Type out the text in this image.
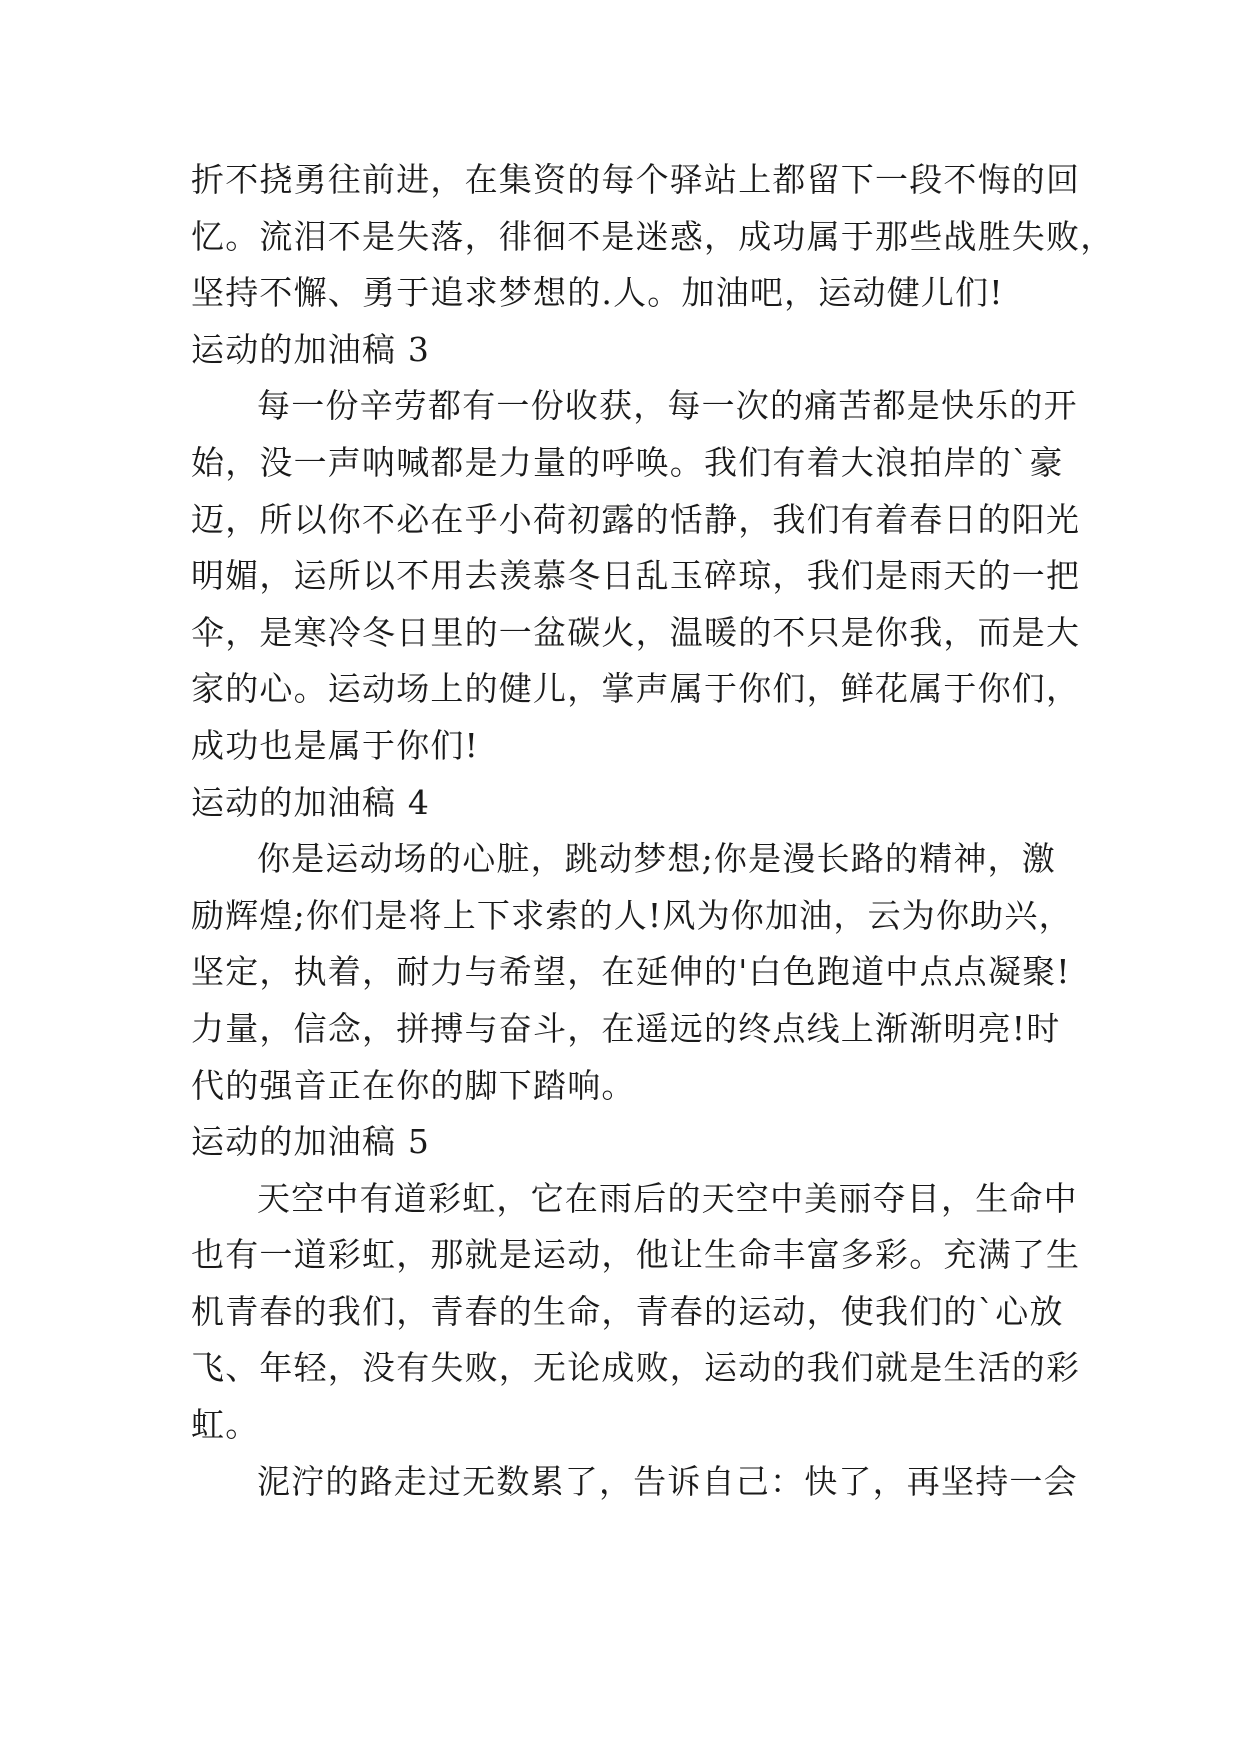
折不挠勇往前进，在集资的每个驿站上都留下一段不悔的回
忆。流泪不是失落，徘徊不是迷惑，成功属于那些战胜失败，
坚持不懈、勇于追求梦想的.人。加油吧，运动健儿们!
运动的加油稿 3
每一份辛劳都有一份收获，每一次的痛苦都是快乐的开
始，没一声呐喊都是力量的呼唤。我们有着大浪拍岸的`豪
迈，所以你不必在乎小荷初露的恬静，我们有着春日的阳光
明媚，运所以不用去羡慕冬日乱玉碎琼，我们是雨天的一把
伞，是寒冷冬日里的一盆碳火，温暖的不只是你我，而是大
家的心。运动场上的健儿，掌声属于你们，鲜花属于你们，
成功也是属于你们!
运动的加油稿 4
你是运动场的心脏，跳动梦想;你是漫长路的精神，激
励辉煌;你们是将上下求索的人!风为你加油，云为你助兴，
坚定，执着，耐力与希望，在延伸的'白色跑道中点点凝聚!
力量，信念，拼搏与奋斗，在遥远的终点线上渐渐明亮!时
代的强音正在你的脚下踏响。
运动的加油稿 5
天空中有道彩虹，它在雨后的天空中美丽夺目，生命中
也有一道彩虹，那就是运动，他让生命丰富多彩。充满了生
机青春的我们，青春的生命，青春的运动，使我们的`心放
飞、年轻，没有失败，无论成败，运动的我们就是生活的彩
虹。
泥泞的路走过无数累了，告诉自己：快了，再坚持一会
